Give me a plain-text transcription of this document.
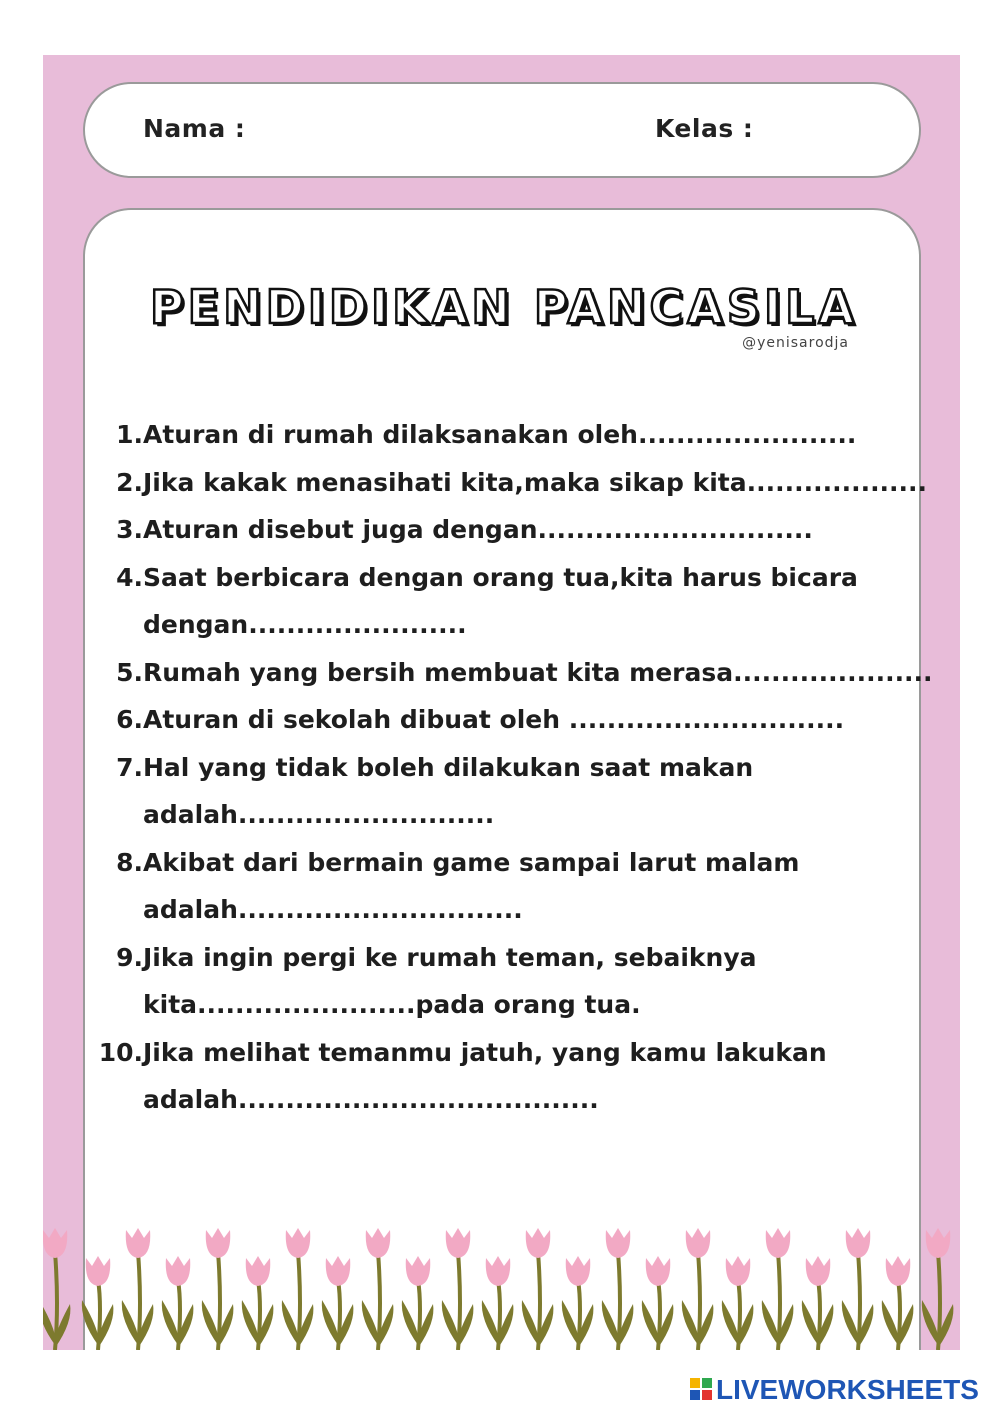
Nama :	Kelas :
PENDIDIKAN PANCASILA
@yenisarodja
1. Aturan di rumah dilaksanakan oleh.......................
2. Jika kakak menasihati kita,maka sikap kita...................
3. Aturan disebut juga dengan.............................
4. Saat berbicara dengan orang tua,kita harus bicara
dengan.......................
5. Rumah yang bersih membuat kita merasa.....................
6. Aturan di sekolah dibuat oleh .............................
7. Hal yang tidak boleh dilakukan saat makan
adalah...........................
8. Akibat dari bermain game sampai larut malam
adalah..............................
9. Jika ingin pergi ke rumah teman, sebaiknya
kita.......................pada orang tua.
10. Jika melihat temanmu jatuh, yang kamu lakukan
adalah......................................
LIVEWORKSHEETS
